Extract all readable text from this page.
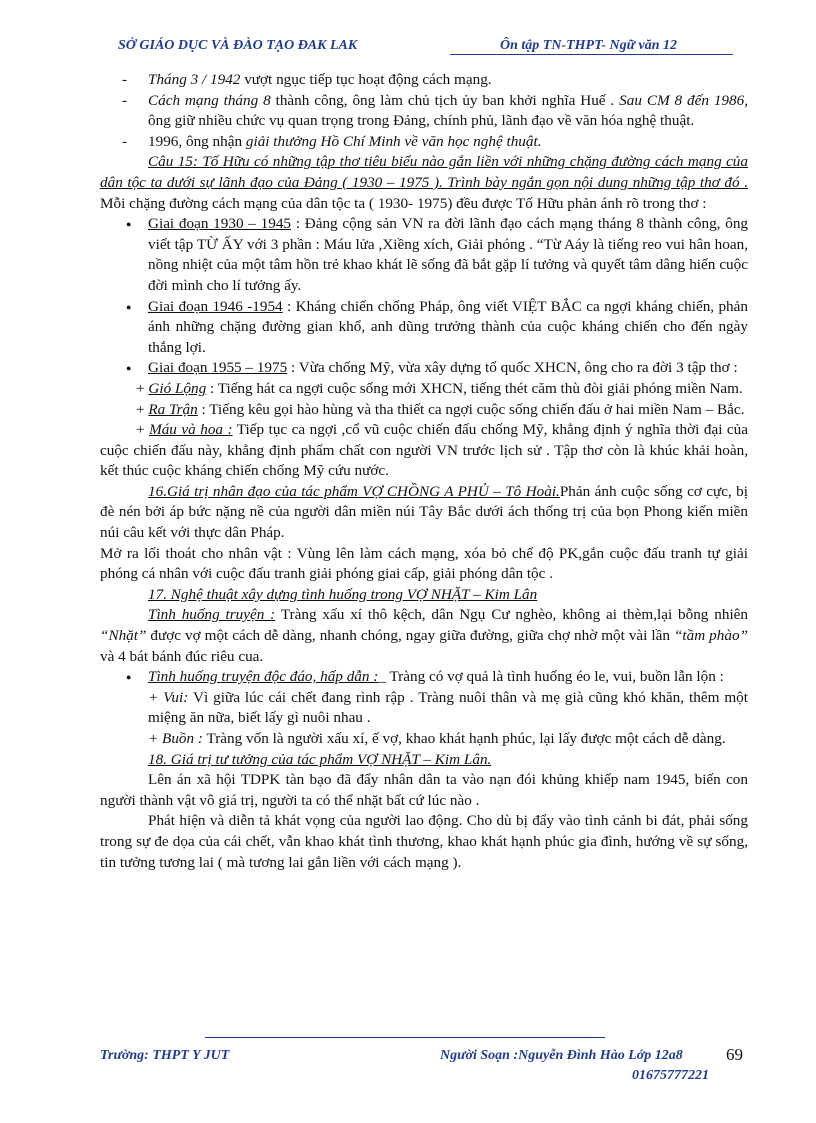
SỞ GIÁO DỤC VÀ ĐÀO TẠO ĐAK LAK	Ôn tập TN-THPT- Ngữ văn 12

- Tháng 3 / 1942 vượt ngục tiếp tục hoạt động cách mạng.

- Cách mạng tháng 8 thành công, ông làm chủ tịch ủy ban khởi nghĩa Huế . Sau CM 8 đến 1986, ông giữ nhiều chức vụ quan trọng trong Đảng, chính phủ, lãnh đạo về văn hóa nghệ thuật.

- 1996, ông nhận giải thưởng Hồ Chí Minh về văn học nghệ thuật.

Câu 15: Tố Hữu có những tập thơ tiêu biểu nào gắn liền với những chặng đường cách mạng của dân tộc ta dưới sự lãnh đạo của Đảng ( 1930 – 1975 ). Trình bày ngắn gọn nội dung những tập thơ đó . Mỗi chặng đường cách mạng của dân tộc ta ( 1930- 1975) đều được Tố Hữu phản ánh rõ trong thơ :

● Giai đoạn 1930 – 1945 : Đảng cộng sản VN ra đời lãnh đạo cách mạng tháng 8 thành công, ông viết tập TỪ ẤY với 3 phần : Máu lửa ,Xiềng xích, Giải phóng . “Từ Aáy là tiếng reo vui hân hoan, nồng nhiệt của một tâm hồn trẻ khao khát lẽ sống đã bắt gặp lí tưởng và quyết tâm dâng hiến cuộc đời mình cho lí tưởng ấy.

● Giai đoạn 1946 -1954 : Kháng chiến chống Pháp, ông viết VIỆT BẮC ca ngợi kháng chiến, phản ánh những chặng đường gian khổ, anh dũng trưởng thành của cuộc kháng chiến cho đến ngày thắng lợi.

● Giai đoạn 1955 – 1975 : Vừa chống Mỹ, vừa xây dựng tổ quốc XHCN, ông cho ra đời 3 tập thơ :

+ Gió Lộng : Tiếng hát ca ngợi cuộc sống mới XHCN, tiếng thét căm thù đòi giải phóng miền Nam.

+ Ra Trận : Tiếng kêu gọi hào hùng và tha thiết ca ngợi cuộc sống chiến đấu ở hai miền Nam – Bắc.

+ Máu và hoa : Tiếp tục ca ngợi ,cổ vũ cuộc chiến đấu chống Mỹ, khẳng định ý nghĩa thời đại của cuộc chiến đấu này, khẳng định phẩm chất con người VN trước lịch sử . Tập thơ còn là khúc khải hoàn, kết thúc cuộc kháng chiến chống Mỹ cứu nước.

16.Giá trị nhân đạo của tác phẩm VỢ CHỒNG A PHỦ – Tô Hoài.Phản ánh cuộc sống cơ cực, bị đè nén bởi áp bức nặng nề của người dân miền núi Tây Bắc dưới ách thống trị của bọn Phong kiến miền núi câu kết với thực dân Pháp.

Mở ra lối thoát cho nhân vật : Vùng lên làm cách mạng, xóa bỏ chế độ PK,gắn cuộc đấu tranh tự giải phóng cá nhân với cuộc đấu tranh giải phóng giai cấp, giải phóng dân tộc .

17. Nghệ thuật xây dựng tình huống trong VỢ NHẶT – Kim Lân

Tình huống truyện : Tràng xấu xí thô kệch, dân Ngụ Cư nghèo, không ai thèm,lại bỗng nhiên “Nhặt” được vợ một cách dễ dàng, nhanh chóng, ngay giữa đường, giữa chợ nhờ một vài lần “tầm phào” và 4 bát bánh đúc riêu cua.

● Tình huống truyện độc đáo, hấp dẫn :_ Tràng có vợ quả là tình huống éo le, vui, buồn lẫn lộn :

+ Vui: Vì giữa lúc cái chết đang rình rập . Tràng nuôi thân và mẹ già cũng khó khăn, thêm một miệng ăn nữa, biết lấy gì nuôi nhau .

+ Buồn : Tràng vốn là người xấu xí, ế vợ, khao khát hạnh phúc, lại lấy được một cách dễ dàng.

18. Giá trị tư tưởng của tác phẩm VỢ NHẶT – Kim Lân.

Lên án xã hội TDPK tàn bạo đã đẩy nhân dân ta vào nạn đói khủng khiếp nam 1945, biến con người thành vật vô giá trị, người ta có thể nhặt bất cứ lúc nào .

Phát hiện và diễn tả khát vọng của người lao động. Cho dù bị đẩy vào tình cảnh bi đát, phải sống trong sự đe dọa của cái chết, vẫn khao khát tình thương, khao khát hạnh phúc gia đình, hướng về sự sống, tin tưởng tương lai ( mà tương lai gắn liền với cách mạng ).

Trường: THPT Y JUT	Người Soạn :Nguyễn Đình Hào Lớp 12a8	69
01675777221
